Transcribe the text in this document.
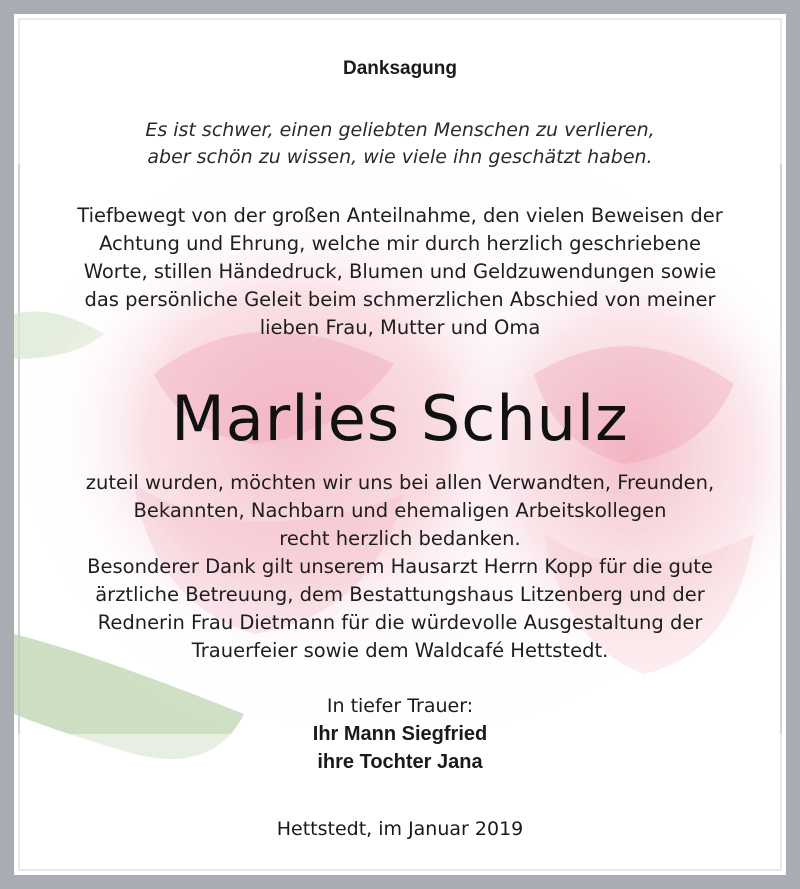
Danksagung
Es ist schwer, einen geliebten Menschen zu verlieren,
aber schön zu wissen, wie viele ihn geschätzt haben.
Tiefbewegt von der großen Anteilnahme, den vielen Beweisen der
Achtung und Ehrung, welche mir durch herzlich geschriebene
Worte, stillen Händedruck, Blumen und Geldzuwendungen sowie
das persönliche Geleit beim schmerzlichen Abschied von meiner
lieben Frau, Mutter und Oma
Marlies Schulz
zuteil wurden, möchten wir uns bei allen Verwandten, Freunden,
Bekannten, Nachbarn und ehemaligen Arbeitskollegen
recht herzlich bedanken.
Besonderer Dank gilt unserem Hausarzt Herrn Kopp für die gute
ärztliche Betreuung, dem Bestattungshaus Litzenberg und der
Rednerin Frau Dietmann für die würdevolle Ausgestaltung der
Trauerfeier sowie dem Waldcafé Hettstedt.
In tiefer Trauer:
Ihr Mann Siegfried
ihre Tochter Jana
Hettstedt, im Januar 2019
